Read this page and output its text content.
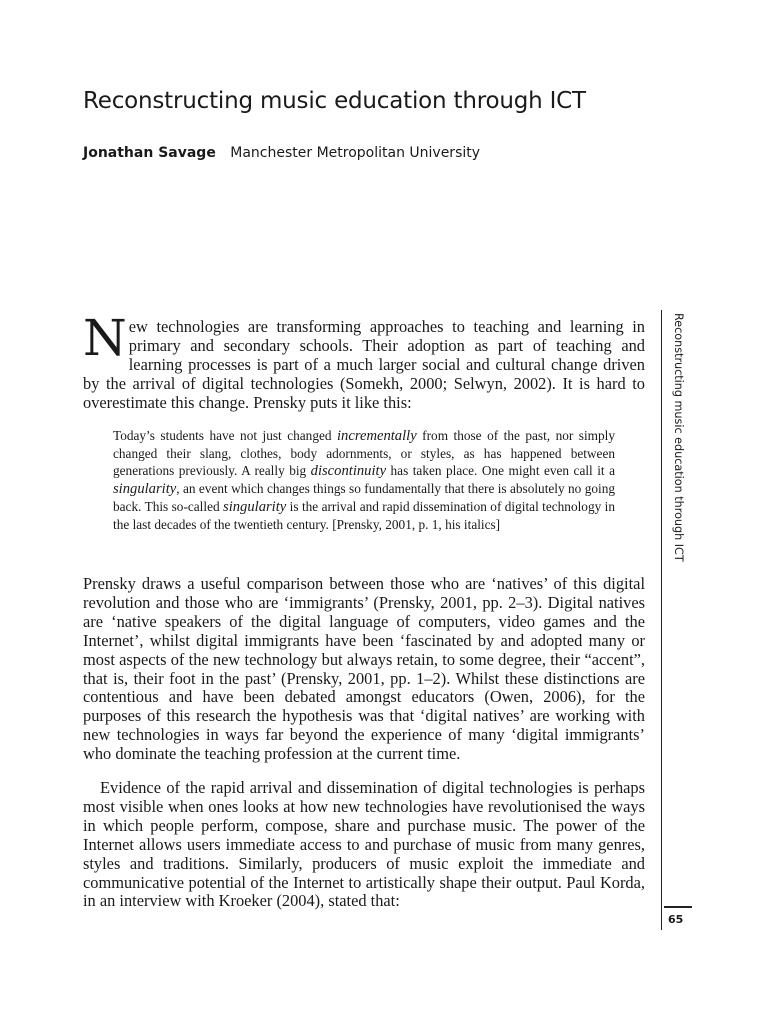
Reconstructing music education through ICT
Jonathan Savage Manchester Metropolitan University

New technologies are transforming approaches to teaching and learning in primary and secondary schools. Their adoption as part of teaching and learning processes is part of a much larger social and cultural change driven by the arrival of digital technologies (Somekh, 2000; Selwyn, 2002). It is hard to overestimate this change. Prensky puts it like this:

Today’s students have not just changed incrementally from those of the past, nor simply changed their slang, clothes, body adornments, or styles, as has happened between generations previously. A really big discontinuity has taken place. One might even call it a singularity, an event which changes things so fundamentally that there is absolutely no going back. This so-called singularity is the arrival and rapid dissemination of digital technology in the last decades of the twentieth century. [Prensky, 2001, p. 1, his italics]

Prensky draws a useful comparison between those who are ‘natives’ of this digital revolution and those who are ‘immigrants’ (Prensky, 2001, pp. 2–3). Digital natives are ‘native speakers of the digital language of computers, video games and the Internet’, whilst digital immigrants have been ‘fascinated by and adopted many or most aspects of the new technology but always retain, to some degree, their “accent”, that is, their foot in the past’ (Prensky, 2001, pp. 1–2). Whilst these distinctions are contentious and have been debated amongst educators (Owen, 2006), for the purposes of this research the hypothesis was that ‘digital natives’ are working with new technologies in ways far beyond the experience of many ‘digital immigrants’ who dominate the teaching profession at the current time.

Evidence of the rapid arrival and dissemination of digital technologies is perhaps most visible when ones looks at how new technologies have revolutionised the ways in which people perform, compose, share and purchase music. The power of the Internet allows users immediate access to and purchase of music from many genres, styles and traditions. Similarly, producers of music exploit the immediate and communicative potential of the Internet to artistically shape their output. Paul Korda, in an interview with Kroeker (2004), stated that:

Reconstructing music education through ICT
65
